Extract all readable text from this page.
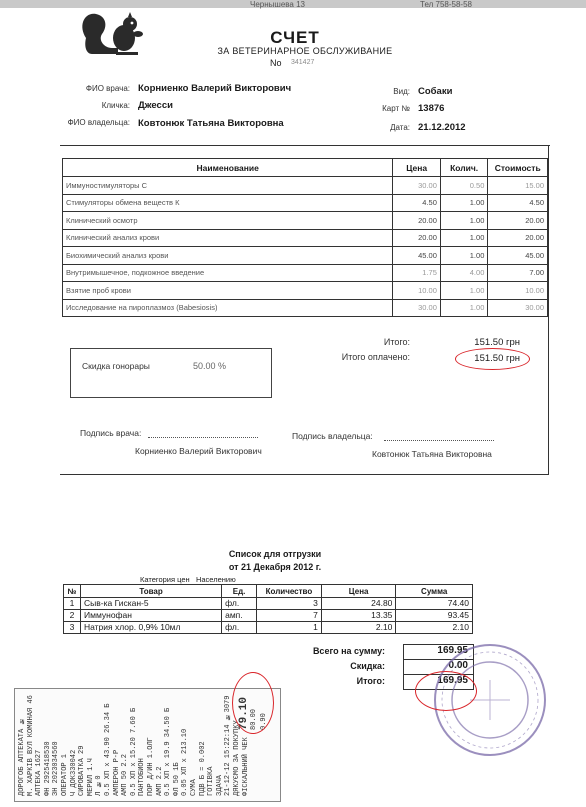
Чернышева 13	Тел 758-58-58
СЧЕТ
ЗА ВЕТЕРИНАРНОЕ ОБСЛУЖИВАНИЕ
No 341427
ФИО врача: Корниенко Валерий Викторович
Кличка: Джесси
ФИО владельца: Ковтонюк Татьяна Викторовна
Вид: Собаки
Карт № 13876
Дата: 21.12.2012
Наименование	Цена	Колич.	Стоимость
Иммуностимуляторы С	30.00	0.50	15.00
Стимуляторы обмена веществ К	4.50	1.00	4.50
Клинический осмотр	20.00	1.00	20.00
Клинический анализ крови	20.00	1.00	20.00
Биохимический анализ крови	45.00	1.00	45.00
Внутримышечное, подкожное введение	1.75	4.00	7.00
Взятие проб крови	10.00	1.00	10.00
Исследование на пироплазмоз (Babesiosis)	30.00	1.00	30.00
Скидка гонорары	50.00 %
Итого:	151.50 грн
Итого оплачено:	151.50 грн
Подпись врача:	Подпись владельца:
Корниенко Валерий Викторович	Ковтонюк Татьяна Викторовна
Список для отгрузки
от 21 Декабря 2012 г.
Категория цен Населению
№	Товар	Ед.	Количество	Цена	Сумма
1	Сыв-ка Гискан-5	фл.	3	24.80	74.40
2	Иммунофан	амп.	7	13.35	93.45
3	Натрия хлор. 0,9% 10мл	фл.	1	2.10	2.10
Всего на сумму:	169.95
Скидка:	0.00
Итого:	169.95
ДОРОГОБ АПТЕКАТА № М. ХАРКІВ ВУЛ КОМИНАЯ 46 АПТЕКА 1627 ФН 2925418530 ЗН 2023034560 ОПЕРАТОР 1 Ч ДОК330042 СИРОВАТКА 29 МЕРИЛ 1.Ч Л №0 0.5 ХП x 43.90 26.34 Б АМПЕРОН Р-Р АМП 50 2.2 0.5 ХП x 15.20 7.60 Б ПАНТОБИОН ПОР Д/ИН 1.ОЛГ АМП 2.2 0.5 ХП x 19.9 34.50 Б ФЛ 50 1Б 0.05 ХП x 213.10 СУМА ПДВ Б = 0.002 ГОТІВКА ЗДАЧА 21-12-12 15:22:14 №3079 ДЯКУЄМО ЗА ПОКУПКУ ФІСКАЛЬНИЙ ЧЕК
79.10 80.00 0.90
